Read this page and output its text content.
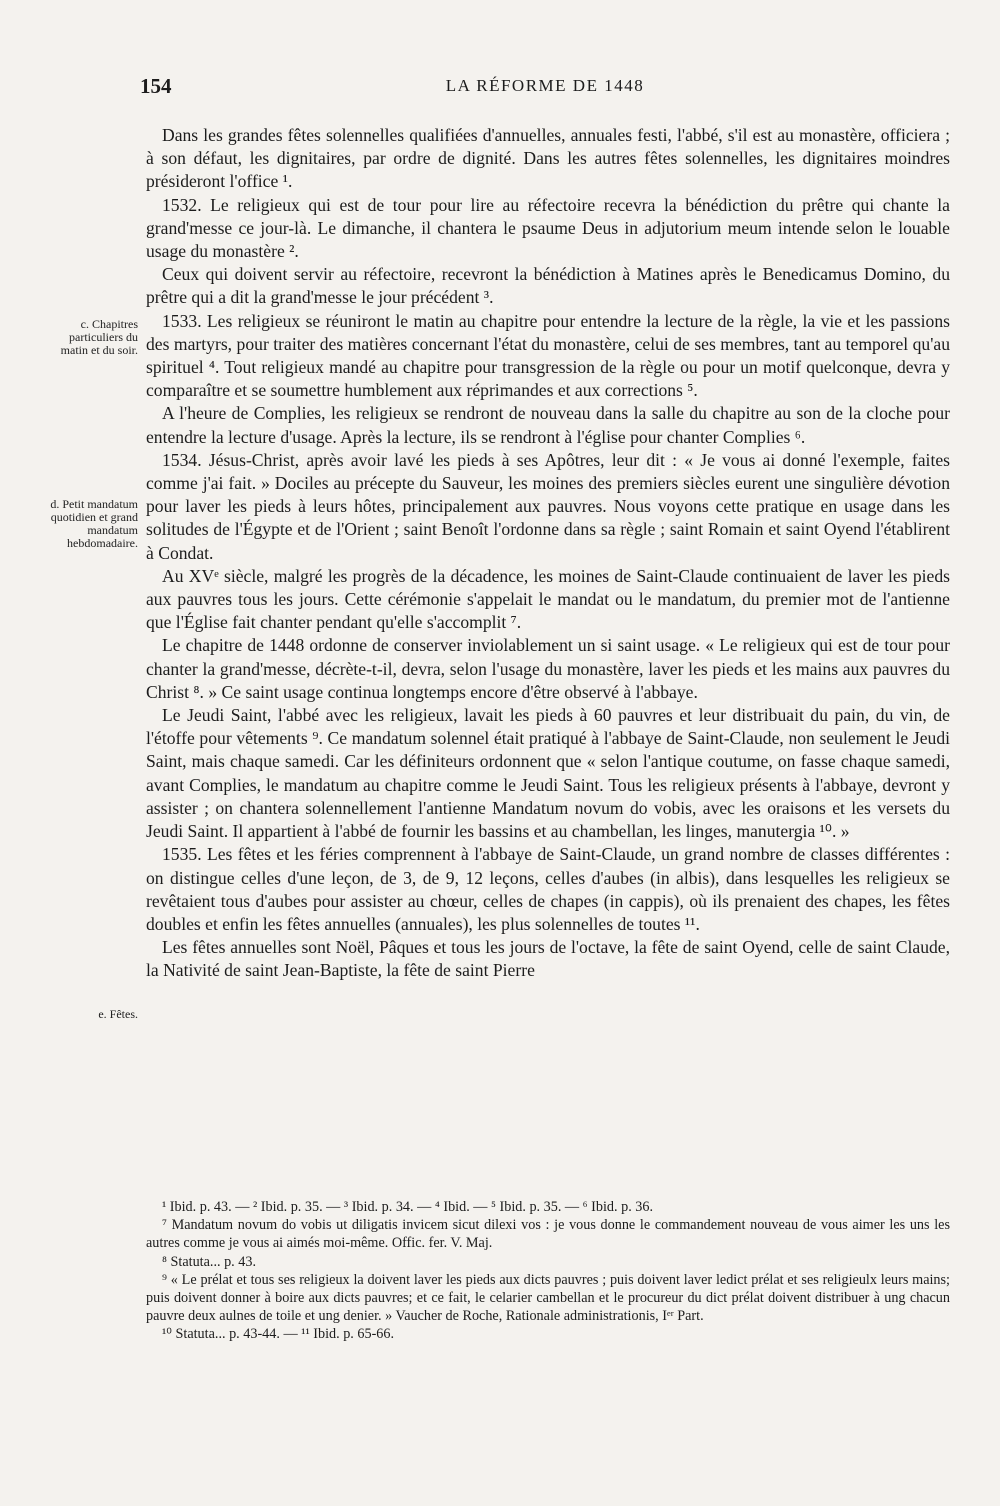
154	LA RÉFORME DE 1448
c. Chapitres particuliers du matin et du soir.
d. Petit mandatum quotidien et grand mandatum hebdomadaire.
e. Fêtes.

Dans les grandes fêtes solennelles qualifiées d'annuelles, annuales festi, l'abbé, s'il est au monastère, officiera ; à son défaut, les dignitaires, par ordre de dignité. Dans les autres fêtes solennelles, les dignitaires moindres présideront l'office ¹.

1532. Le religieux qui est de tour pour lire au réfectoire recevra la bénédiction du prêtre qui chante la grand'messe ce jour-là. Le dimanche, il chantera le psaume Deus in adjutorium meum intende selon le louable usage du monastère ².

Ceux qui doivent servir au réfectoire, recevront la bénédiction à Matines après le Benedicamus Domino, du prêtre qui a dit la grand'messe le jour précédent ³.

1533. Les religieux se réuniront le matin au chapitre pour entendre la lecture de la règle, la vie et les passions des martyrs, pour traiter des matières concernant l'état du monastère, celui de ses membres, tant au temporel qu'au spirituel ⁴. Tout religieux mandé au chapitre pour transgression de la règle ou pour un motif quelconque, devra y comparaître et se soumettre humblement aux réprimandes et aux corrections ⁵.

A l'heure de Complies, les religieux se rendront de nouveau dans la salle du chapitre au son de la cloche pour entendre la lecture d'usage. Après la lecture, ils se rendront à l'église pour chanter Complies ⁶.

1534. Jésus-Christ, après avoir lavé les pieds à ses Apôtres, leur dit : « Je vous ai donné l'exemple, faites comme j'ai fait. » Dociles au précepte du Sauveur, les moines des premiers siècles eurent une singulière dévotion pour laver les pieds à leurs hôtes, principalement aux pauvres. Nous voyons cette pratique en usage dans les solitudes de l'Égypte et de l'Orient ; saint Benoît l'ordonne dans sa règle ; saint Romain et saint Oyend l'établirent à Condat.

Au XVᵉ siècle, malgré les progrès de la décadence, les moines de Saint-Claude continuaient de laver les pieds aux pauvres tous les jours. Cette cérémonie s'appelait le mandat ou le mandatum, du premier mot de l'antienne que l'Église fait chanter pendant qu'elle s'accomplit ⁷.

Le chapitre de 1448 ordonne de conserver inviolablement un si saint usage. « Le religieux qui est de tour pour chanter la grand'messe, décrète-t-il, devra, selon l'usage du monastère, laver les pieds et les mains aux pauvres du Christ ⁸. » Ce saint usage continua longtemps encore d'être observé à l'abbaye.

Le Jeudi Saint, l'abbé avec les religieux, lavait les pieds à 60 pauvres et leur distribuait du pain, du vin, de l'étoffe pour vêtements ⁹. Ce mandatum solennel était pratiqué à l'abbaye de Saint-Claude, non seulement le Jeudi Saint, mais chaque samedi. Car les définiteurs ordonnent que « selon l'antique coutume, on fasse chaque samedi, avant Complies, le mandatum au chapitre comme le Jeudi Saint. Tous les religieux présents à l'abbaye, devront y assister ; on chantera solennellement l'antienne Mandatum novum do vobis, avec les oraisons et les versets du Jeudi Saint. Il appartient à l'abbé de fournir les bassins et au chambellan, les linges, manutergia ¹⁰. »

1535. Les fêtes et les féries comprennent à l'abbaye de Saint-Claude, un grand nombre de classes différentes : on distingue celles d'une leçon, de 3, de 9, 12 leçons, celles d'aubes (in albis), dans lesquelles les religieux se revêtaient tous d'aubes pour assister au chœur, celles de chapes (in cappis), où ils prenaient des chapes, les fêtes doubles et enfin les fêtes annuelles (annuales), les plus solennelles de toutes ¹¹.

Les fêtes annuelles sont Noël, Pâques et tous les jours de l'octave, la fête de saint Oyend, celle de saint Claude, la Nativité de saint Jean-Baptiste, la fête de saint Pierre

¹ Ibid. p. 43. — ² Ibid. p. 35. — ³ Ibid. p. 34. — ⁴ Ibid. — ⁵ Ibid. p. 35. — ⁶ Ibid. p. 36.

⁷ Mandatum novum do vobis ut diligatis invicem sicut dilexi vos : je vous donne le commandement nouveau de vous aimer les uns les autres comme je vous ai aimés moi-même. Offic. fer. V. Maj.

⁸ Statuta... p. 43.

⁹ « Le prélat et tous ses religieux la doivent laver les pieds aux dicts pauvres ; puis doivent laver ledict prélat et ses religieulx leurs mains; puis doivent donner à boire aux dicts pauvres; et ce fait, le celarier cambellan et le procureur du dict prélat doivent distribuer à ung chacun pauvre deux aulnes de toile et ung denier. » Vaucher de Roche, Rationale administrationis, Iᵉʳ Part.

¹⁰ Statuta... p. 43-44. — ¹¹ Ibid. p. 65-66.
